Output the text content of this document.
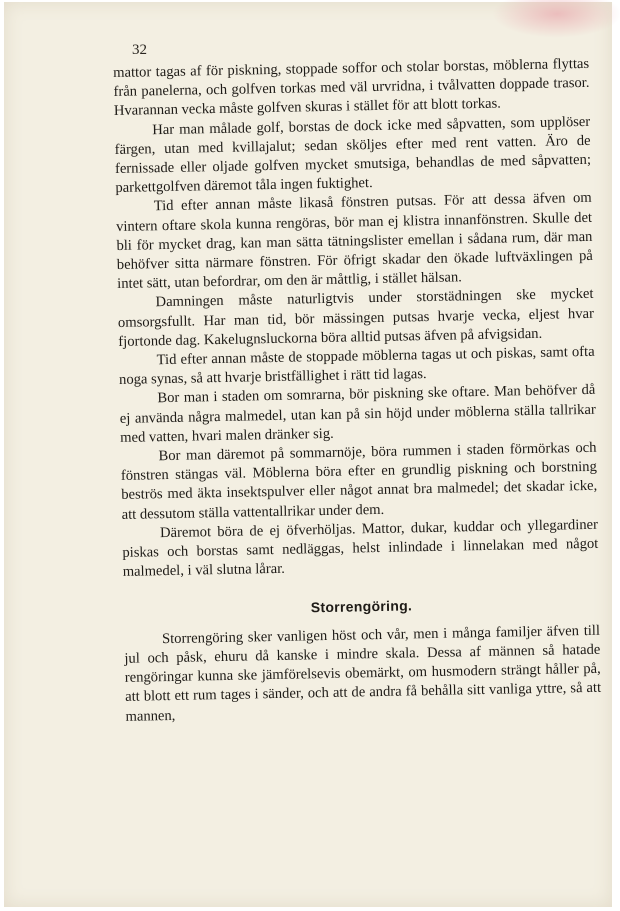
32

mattor tagas af för piskning, stoppade soffor och stolar borstas, möblerna flyttas från panelerna, och golfven torkas med väl urvridna, i tvålvatten doppade trasor. Hvarannan vecka måste golfven skuras i stället för att blott torkas.

Har man målade golf, borstas de dock icke med såpvatten, som upplöser färgen, utan med kvillajalut; sedan sköljes efter med rent vatten. Äro de fernissade eller oljade golfven mycket smutsiga, behandlas de med såpvatten; parkettgolfven däremot tåla ingen fuktighet.

Tid efter annan måste likaså fönstren putsas. För att dessa äfven om vintern oftare skola kunna rengöras, bör man ej klistra innanfönstren. Skulle det bli för mycket drag, kan man sätta tätningslister emellan i sådana rum, där man behöfver sitta närmare fönstren. För öfrigt skadar den ökade luftväxlingen på intet sätt, utan befordrar, om den är måttlig, i stället hälsan.

Damningen måste naturligtvis under storstädningen ske mycket omsorgsfullt. Har man tid, bör mässingen putsas hvarje vecka, eljest hvar fjortonde dag. Kakelugnsluckorna böra alltid putsas äfven på afvigsidan.

Tid efter annan måste de stoppade möblerna tagas ut och piskas, samt ofta noga synas, så att hvarje bristfällighet i rätt tid lagas.

Bor man i staden om somrarna, bör piskning ske oftare. Man behöfver då ej använda några malmedel, utan kan på sin höjd under möblerna ställa tallrikar med vatten, hvari malen dränker sig.

Bor man däremot på sommarnöje, böra rummen i staden förmörkas och fönstren stängas väl. Möblerna böra efter en grundlig piskning och borstning beströs med äkta insektspulver eller något annat bra malmedel; det skadar icke, att dessutom ställa vattentallrikar under dem.

Däremot böra de ej öfverhöljas. Mattor, dukar, kuddar och yllegardiner piskas och borstas samt nedläggas, helst inlindade i linnelakan med något malmedel, i väl slutna lårar.

Storrengöring.

Storrengöring sker vanligen höst och vår, men i många familjer äfven till jul och påsk, ehuru då kanske i mindre skala. Dessa af männen så hatade rengöringar kunna ske jämförelsevis obemärkt, om husmodern strängt håller på, att blott ett rum tages i sänder, och att de andra få behålla sitt vanliga yttre, så att mannen,
